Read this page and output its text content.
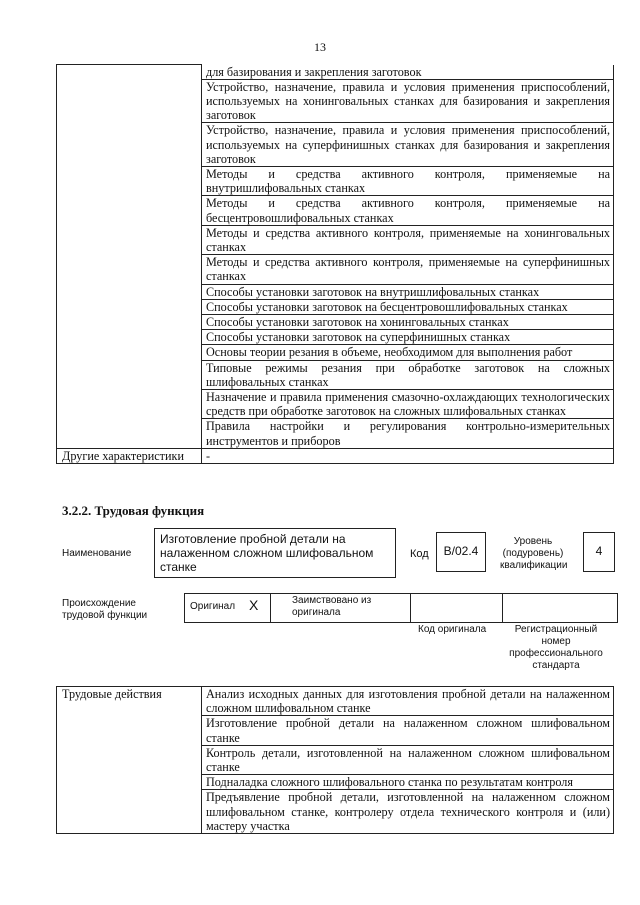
13
	для базирования и закрепления заготовок
	Устройство, назначение, правила и условия применения приспособлений, используемых на хонинговальных станках для базирования и закрепления заготовок
	Устройство, назначение, правила и условия применения приспособлений, используемых на суперфинишных станках для базирования и закрепления заготовок
	Методы и средства активного контроля, применяемые на внутришлифовальных станках
	Методы и средства активного контроля, применяемые на бесцентровошлифовальных станках
	Методы и средства активного контроля, применяемые на хонинговальных станках
	Методы и средства активного контроля, применяемые на суперфинишных станках
	Способы установки заготовок на внутришлифовальных станках
	Способы установки заготовок на бесцентровошлифовальных станках
	Способы установки заготовок на хонинговальных станках
	Способы установки заготовок на суперфинишных станках
	Основы теории резания в объеме, необходимом для выполнения работ
	Типовые режимы резания при обработке заготовок на сложных шлифовальных станках
	Назначение и правила применения смазочно-охлаждающих технологических средств при обработке заготовок на сложных шлифовальных станках
	Правила настройки и регулирования контрольно-измерительных инструментов и приборов
Другие характеристики	-
3.2.2. Трудовая функция
Наименование
Изготовление пробной детали на налаженном сложном шлифовальном станке
Код	B/02.4
Уровень (подуровень) квалификации
4
Происхождение трудовой функции
Оригинал X	Заимствовано из оригинала
Код оригинала	Регистрационный номер профессионального стандарта
Трудовые действия	Анализ исходных данных для изготовления пробной детали на налаженном сложном шлифовальном станке
Изготовление пробной детали на налаженном сложном шлифовальном станке
Контроль детали, изготовленной на налаженном сложном шлифовальном станке
Подналадка сложного шлифовального станка по результатам контроля
Предъявление пробной детали, изготовленной на налаженном сложном шлифовальном станке, контролеру отдела технического контроля и (или) мастеру участка
